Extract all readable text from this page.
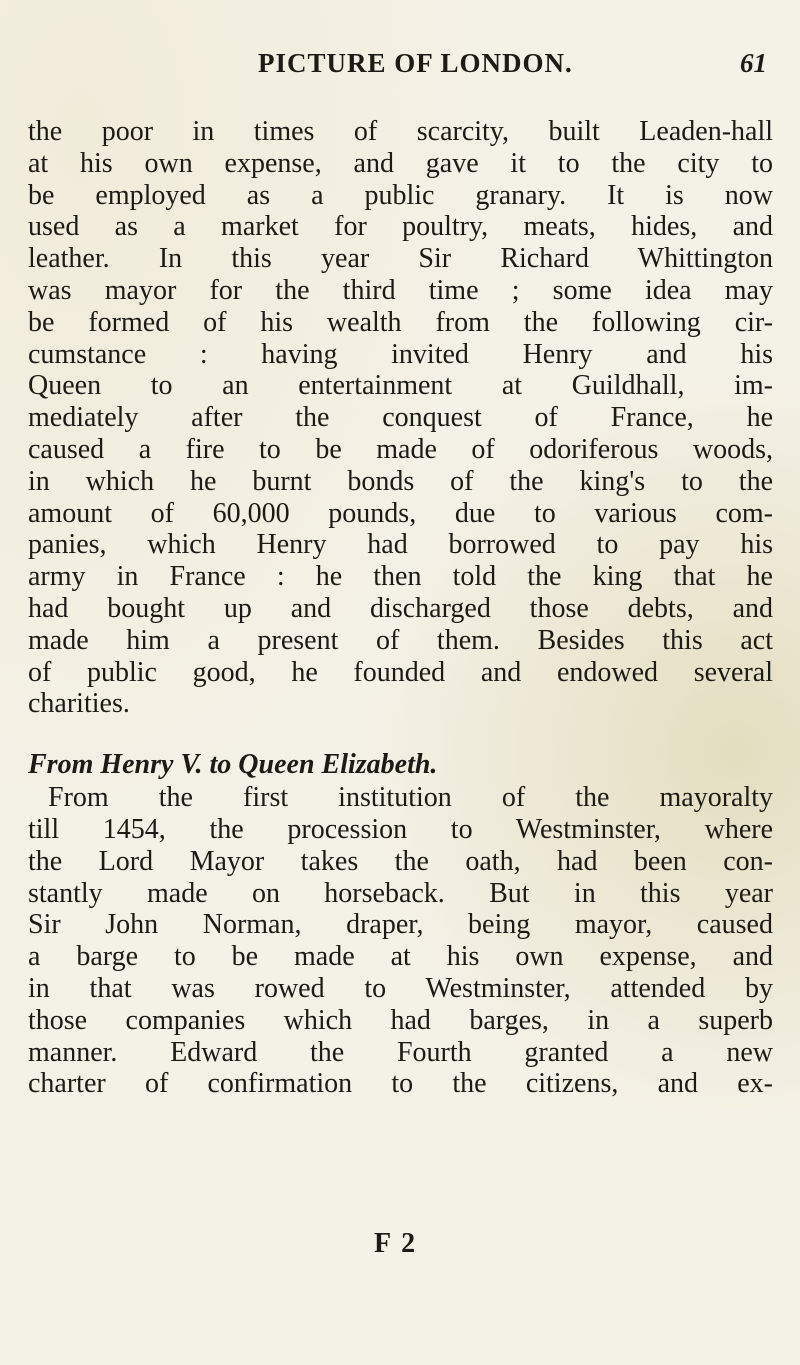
PICTURE OF LONDON.	61

the poor in times of scarcity, built Leaden-hall
at his own expense, and gave it to the city to
be employed as a public granary. It is now
used as a market for poultry, meats, hides, and
leather. In this year Sir Richard Whittington
was mayor for the third time ; some idea may
be formed of his wealth from the following cir-
cumstance : having invited Henry and his
Queen to an entertainment at Guildhall, im-
mediately after the conquest of France, he
caused a fire to be made of odoriferous woods,
in which he burnt bonds of the king's to the
amount of 60,000 pounds, due to various com-
panies, which Henry had borrowed to pay his
army in France : he then told the king that he
had bought up and discharged those debts, and
made him a present of them. Besides this act
of public good, he founded and endowed several
charities.

From Henry V. to Queen Elizabeth.

From the first institution of the mayoralty
till 1454, the procession to Westminster, where
the Lord Mayor takes the oath, had been con-
stantly made on horseback. But in this year
Sir John Norman, draper, being mayor, caused
a barge to be made at his own expense, and
in that was rowed to Westminster, attended by
those companies which had barges, in a superb
manner. Edward the Fourth granted a new
charter of confirmation to the citizens, and ex-

F 2
